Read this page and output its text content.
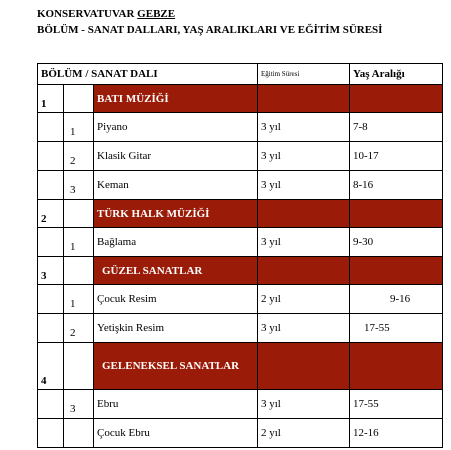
KONSERVATUVAR GEBZE
BÖLÜM - SANAT DALLARI, YAŞ ARALIKLARI VE EĞİTİM SÜRESİ
BÖLÜM / SANAT DALI			Eğitim Süresi	Yaş Aralığı
1		BATI MÜZİĞİ		
	1	Piyano	3 yıl	7-8
	2	Klasik Gitar	3 yıl	10-17
	3	Keman	3 yıl	8-16
2		TÜRK HALK MÜZİĞİ		
	1	Bağlama	3 yıl	9-30
3		GÜZEL SANATLAR		
	1	Çocuk Resim	2 yıl	9-16
	2	Yetişkin Resim	3 yıl	17-55
4		GELENEKSEL SANATLAR		
	3	Ebru	3 yıl	17-55
		Çocuk Ebru	2 yıl	12-16
